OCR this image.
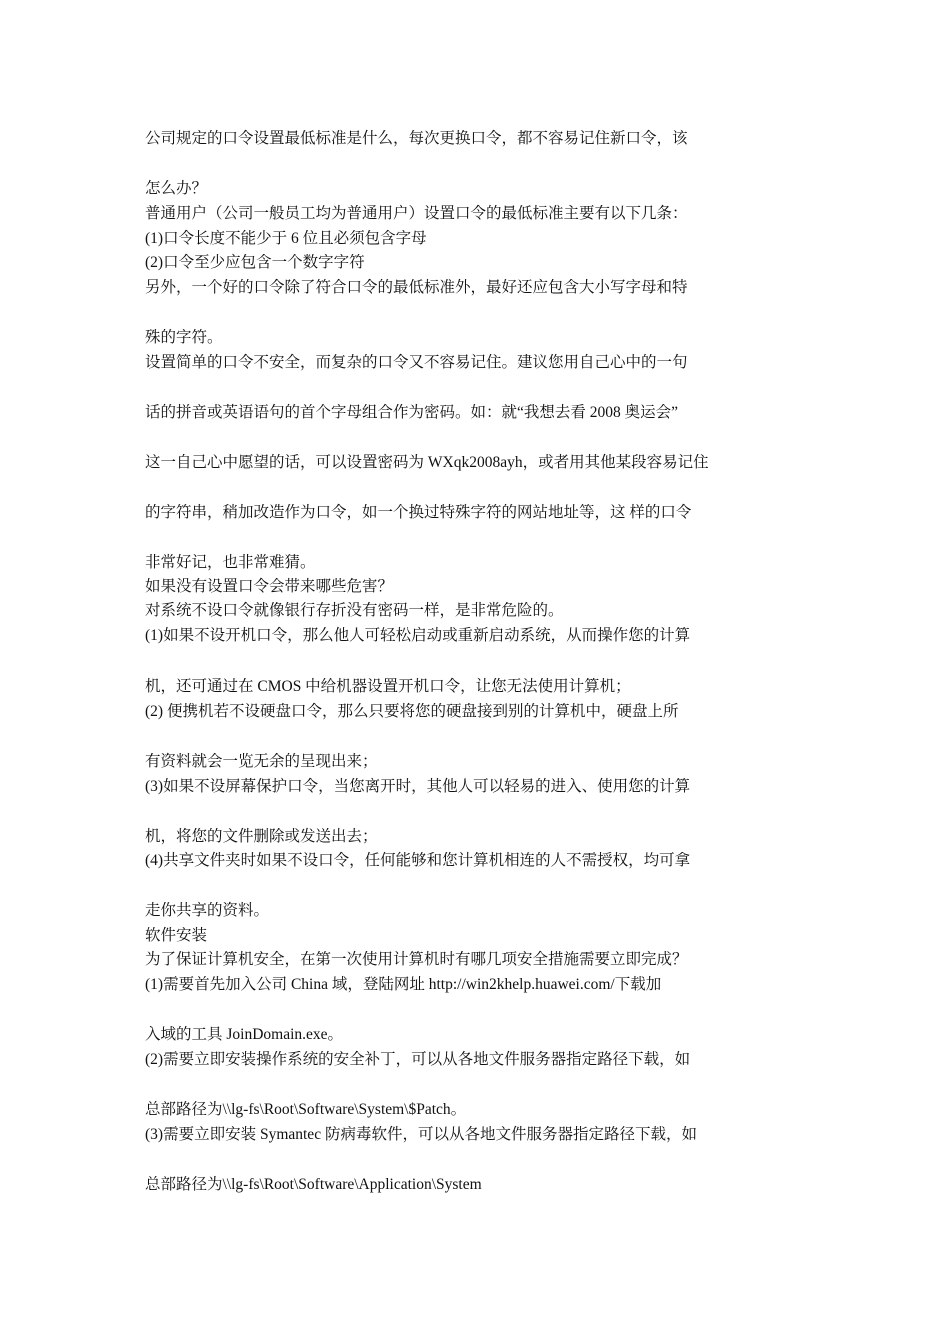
公司规定的口令设置最低标准是什么，每次更换口令，都不容易记住新口令，该
怎么办？
普通用户（公司一般员工均为普通用户）设置口令的最低标准主要有以下几条：
(1)口令长度不能少于 6 位且必须包含字母
(2)口令至少应包含一个数字字符
另外，一个好的口令除了符合口令的最低标准外，最好还应包含大小写字母和特
殊的字符。
设置简单的口令不安全，而复杂的口令又不容易记住。建议您用自己心中的一句
话的拼音或英语语句的首个字母组合作为密码。如：就“我想去看 2008 奥运会”
这一自己心中愿望的话，可以设置密码为 WXqk2008ayh，或者用其他某段容易记住
的字符串，稍加改造作为口令，如一个换过特殊字符的网站地址等，这 样的口令
非常好记，也非常难猜。
如果没有设置口令会带来哪些危害？
对系统不设口令就像银行存折没有密码一样，是非常危险的。
(1)如果不设开机口令，那么他人可轻松启动或重新启动系统，从而操作您的计算
机，还可通过在 CMOS 中给机器设置开机口令，让您无法使用计算机；
(2) 便携机若不设硬盘口令，那么只要将您的硬盘接到别的计算机中，硬盘上所
有资料就会一览无余的呈现出来；
(3)如果不设屏幕保护口令，当您离开时，其他人可以轻易的进入、使用您的计算
机，将您的文件删除或发送出去；
(4)共享文件夹时如果不设口令，任何能够和您计算机相连的人不需授权，均可拿
走你共享的资料。
软件安装
为了保证计算机安全，在第一次使用计算机时有哪几项安全措施需要立即完成？
(1)需要首先加入公司 China 域，登陆网址 http://win2khelp.huawei.com/下载加
入域的工具 JoinDomain.exe。
(2)需要立即安装操作系统的安全补丁，可以从各地文件服务器指定路径下载，如
总部路径为\\lg-fs\Root\Software\System\$Patch。
(3)需要立即安装 Symantec 防病毒软件，可以从各地文件服务器指定路径下载，如
总部路径为\\lg-fs\Root\Software\Application\System
